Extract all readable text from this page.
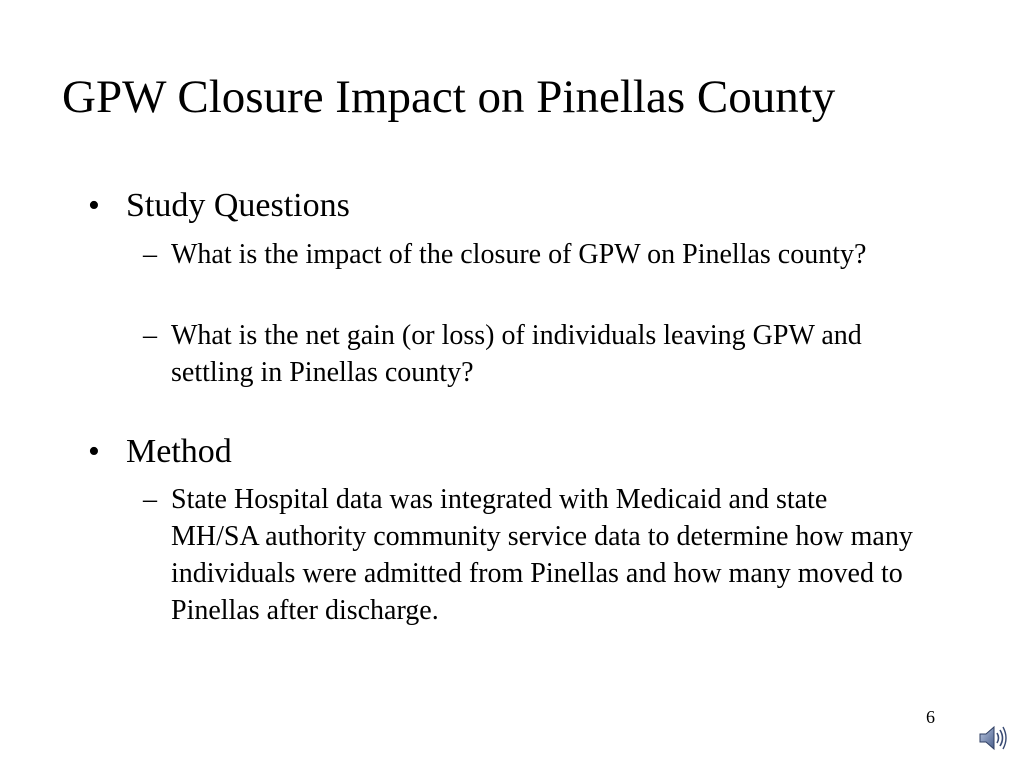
GPW Closure Impact on Pinellas County
• Study Questions
– What is the impact of the closure of GPW on Pinellas county?
– What is the net gain (or loss) of individuals leaving GPW and settling in Pinellas county?
• Method
– State Hospital data was integrated with Medicaid and state MH/SA authority community service data to determine how many individuals were admitted from Pinellas and how many moved to Pinellas after discharge.
6
